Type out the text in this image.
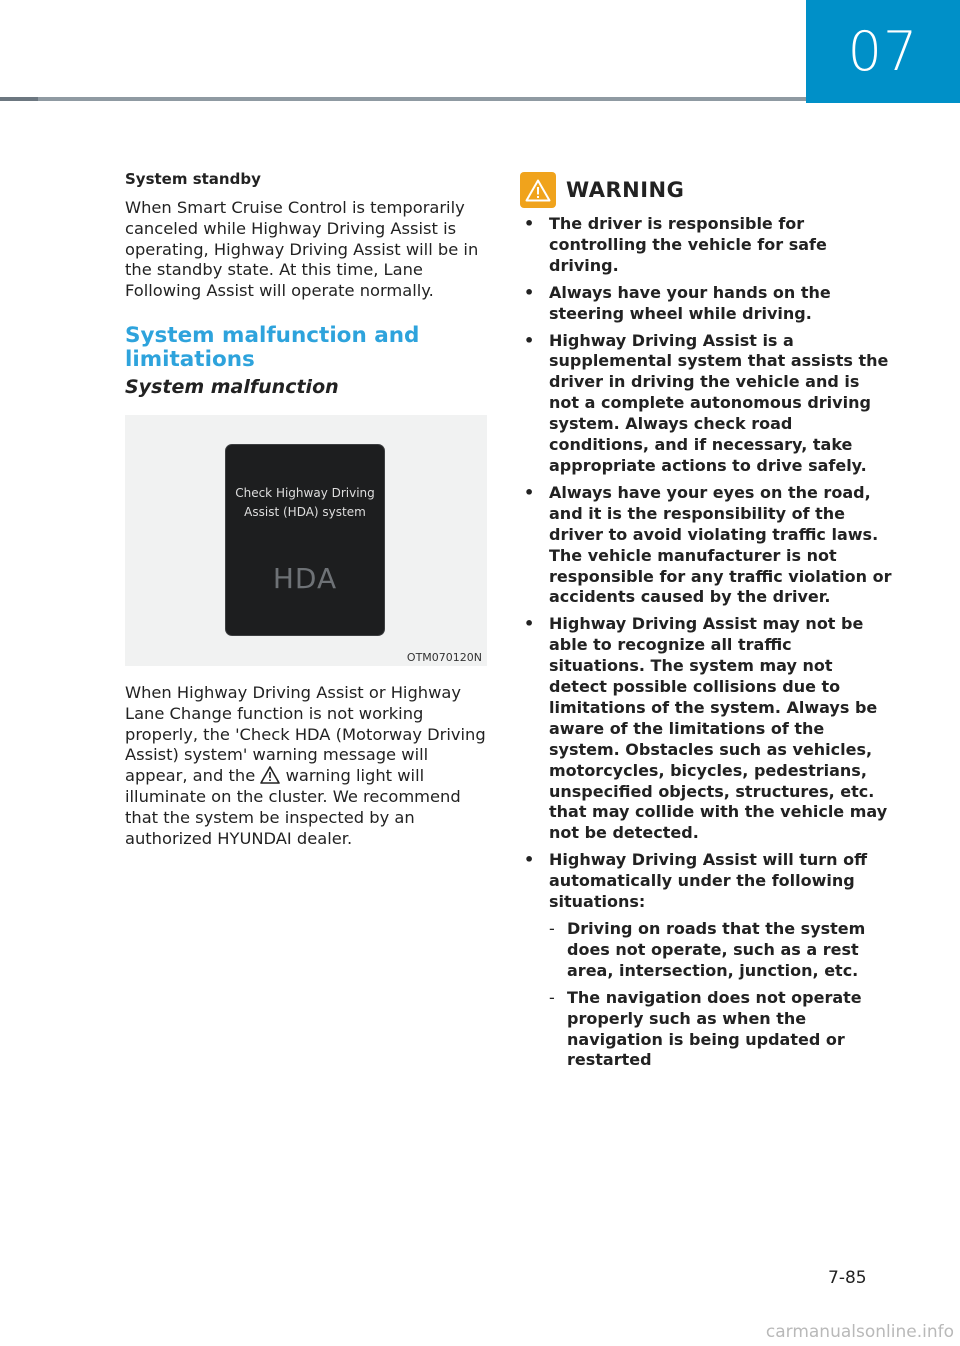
07

System standby

When Smart Cruise Control is temporarily canceled while Highway Driving Assist is operating, Highway Driving Assist will be in the standby state. At this time, Lane Following Assist will operate normally.

System malfunction and limitations
System malfunction
Check Highway Driving Assist (HDA) system
HDA
OTM070120N

When Highway Driving Assist or Highway Lane Change function is not working properly, the 'Check HDA (Motorway Driving Assist) system' warning message will appear, and the warning light will illuminate on the cluster. We recommend that the system be inspected by an authorized HYUNDAI dealer.

WARNING
• The driver is responsible for controlling the vehicle for safe driving.
• Always have your hands on the steering wheel while driving.
• Highway Driving Assist is a supplemental system that assists the driver in driving the vehicle and is not a complete autonomous driving system. Always check road conditions, and if necessary, take appropriate actions to drive safely.
• Always have your eyes on the road, and it is the responsibility of the driver to avoid violating traffic laws. The vehicle manufacturer is not responsible for any traffic violation or accidents caused by the driver.
• Highway Driving Assist may not be able to recognize all traffic situations. The system may not detect possible collisions due to limitations of the system. Always be aware of the limitations of the system. Obstacles such as vehicles, motorcycles, bicycles, pedestrians, unspecified objects, structures, etc. that may collide with the vehicle may not be detected.
• Highway Driving Assist will turn off automatically under the following situations:
- Driving on roads that the system does not operate, such as a rest area, intersection, junction, etc.
- The navigation does not operate properly such as when the navigation is being updated or restarted
7-85
carmanualsonline.info
